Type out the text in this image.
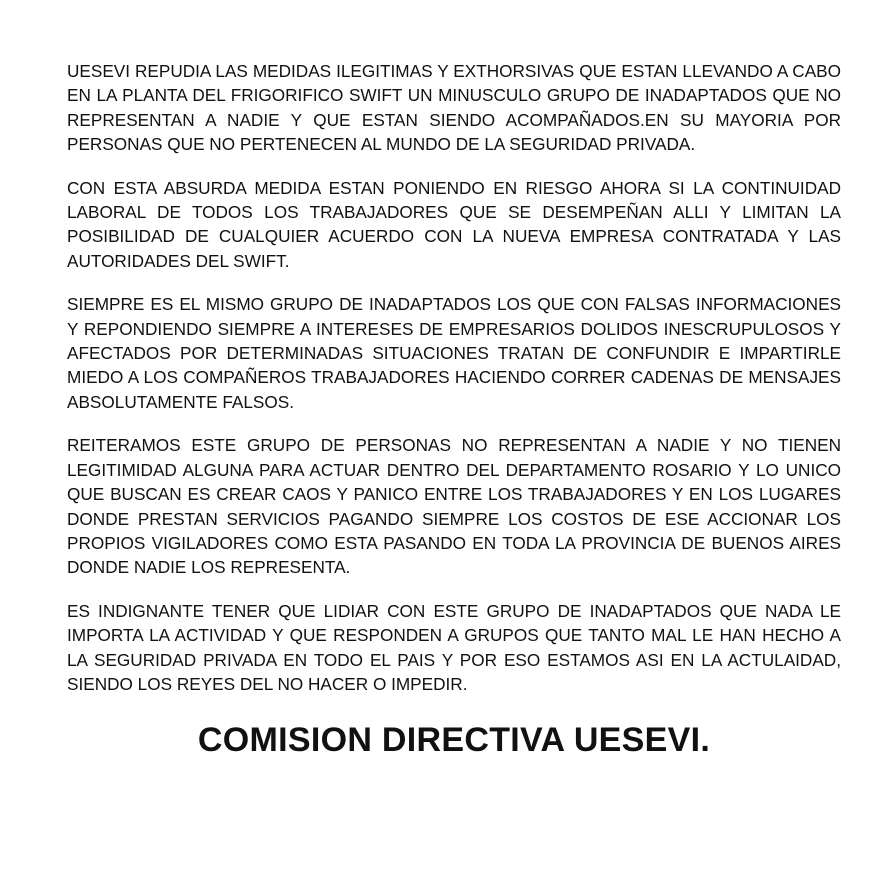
UESEVI REPUDIA LAS MEDIDAS ILEGITIMAS Y EXTHORSIVAS QUE ESTAN LLEVANDO A CABO EN LA PLANTA DEL FRIGORIFICO SWIFT UN MINUSCULO GRUPO DE INADAPTADOS QUE NO REPRESENTAN A NADIE Y QUE ESTAN SIENDO ACOMPAÑADOS.EN SU MAYORIA POR PERSONAS QUE NO PERTENECEN AL MUNDO DE LA SEGURIDAD PRIVADA.

CON ESTA ABSURDA MEDIDA ESTAN PONIENDO EN RIESGO AHORA SI LA CONTINUIDAD LABORAL DE TODOS LOS TRABAJADORES QUE SE DESEMPEÑAN ALLI Y LIMITAN LA POSIBILIDAD DE CUALQUIER ACUERDO CON LA NUEVA EMPRESA CONTRATADA Y LAS AUTORIDADES DEL SWIFT.

SIEMPRE ES EL MISMO GRUPO DE INADAPTADOS LOS QUE CON FALSAS INFORMACIONES Y REPONDIENDO SIEMPRE A INTERESES DE EMPRESARIOS DOLIDOS INESCRUPULOSOS Y AFECTADOS POR DETERMINADAS SITUACIONES TRATAN DE CONFUNDIR E IMPARTIRLE MIEDO A LOS COMPAÑEROS TRABAJADORES HACIENDO CORRER CADENAS DE MENSAJES ABSOLUTAMENTE FALSOS.

REITERAMOS ESTE GRUPO DE PERSONAS NO REPRESENTAN A NADIE Y NO TIENEN LEGITIMIDAD ALGUNA PARA ACTUAR DENTRO DEL DEPARTAMENTO ROSARIO Y LO UNICO QUE BUSCAN ES CREAR CAOS Y PANICO ENTRE LOS TRABAJADORES Y EN LOS LUGARES DONDE PRESTAN SERVICIOS PAGANDO SIEMPRE LOS COSTOS DE ESE ACCIONAR LOS PROPIOS VIGILADORES COMO ESTA PASANDO EN TODA LA PROVINCIA DE BUENOS AIRES DONDE NADIE LOS REPRESENTA.

ES INDIGNANTE TENER QUE LIDIAR CON ESTE GRUPO DE INADAPTADOS QUE NADA LE IMPORTA LA ACTIVIDAD Y QUE RESPONDEN A GRUPOS QUE TANTO MAL LE HAN HECHO A LA SEGURIDAD PRIVADA EN TODO EL PAIS Y POR ESO ESTAMOS ASI EN LA ACTULAIDAD, SIENDO LOS REYES DEL NO HACER O IMPEDIR.

COMISION DIRECTIVA UESEVI.
